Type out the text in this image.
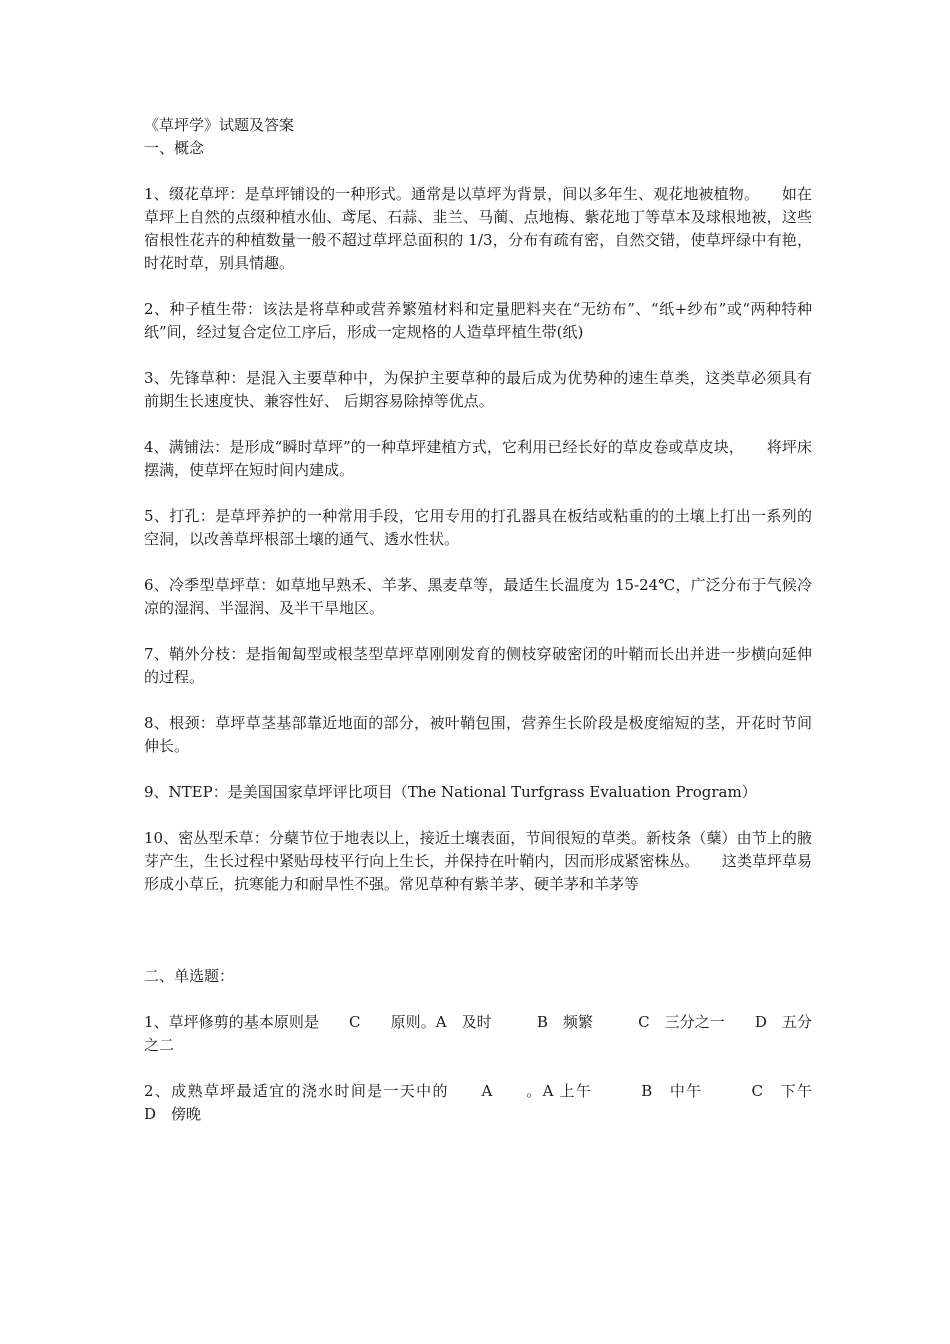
《草坪学》试题及答案

一、概念

1、缀花草坪：是草坪铺设的一种形式。通常是以草坪为背景，间以多年生、观花地被植物。　　如在草坪上自然的点缀种植水仙、鸢尾、石蒜、韭兰、马蔺、点地梅、紫花地丁等草本及球根地被，这些宿根性花卉的种植数量一般不超过草坪总面积的 1/3，分布有疏有密，自然交错，使草坪绿中有艳，时花时草，别具情趣。

2、种子植生带：该法是将草种或营养繁殖材料和定量肥料夹在“无纺布”、“纸+纱布”或“两种特种纸”间，经过复合定位工序后，形成一定规格的人造草坪植生带(纸)

3、先锋草种：是混入主要草种中，为保护主要草种的最后成为优势种的速生草类，这类草必须具有前期生长速度快、兼容性好、 后期容易除掉等优点。

4、满铺法：是形成“瞬时草坪”的一种草坪建植方式，它利用已经长好的草皮卷或草皮块，　　将坪床摆满，使草坪在短时间内建成。

5、打孔：是草坪养护的一种常用手段，它用专用的打孔器具在板结或粘重的的土壤上打出一系列的空洞，以改善草坪根部土壤的通气、透水性状。

6、冷季型草坪草：如草地早熟禾、羊茅、黑麦草等，最适生长温度为 15-24℃，广泛分布于气候冷凉的湿润、半湿润、及半干旱地区。

7、鞘外分枝：是指匍匐型或根茎型草坪草刚刚发育的侧枝穿破密闭的叶鞘而长出并进一步横向延伸的过程。

8、根颈：草坪草茎基部靠近地面的部分，被叶鞘包围，营养生长阶段是极度缩短的茎，开花时节间伸长。

9、NTEP：是美国国家草坪评比项目（The National Turfgrass Evaluation Program）

10、密丛型禾草：分蘖节位于地表以上，接近土壤表面，节间很短的草类。新枝条（蘖）由节上的腋芽产生，生长过程中紧贴母枝平行向上生长，并保持在叶鞘内，因而形成紧密株丛。　　这类草坪草易形成小草丘，抗寒能力和耐旱性不强。常见草种有紫羊茅、硬羊茅和羊茅等

二、单选题：

1、草坪修剪的基本原则是　　C　　原则。A　及时　　　B　频繁　　　C　三分之一　　D　五分之二

2、成熟草坪最适宜的浇水时间是一天中的　　A　　。A 上午　　　B　中午　　　C　下午　　　D　傍晚
